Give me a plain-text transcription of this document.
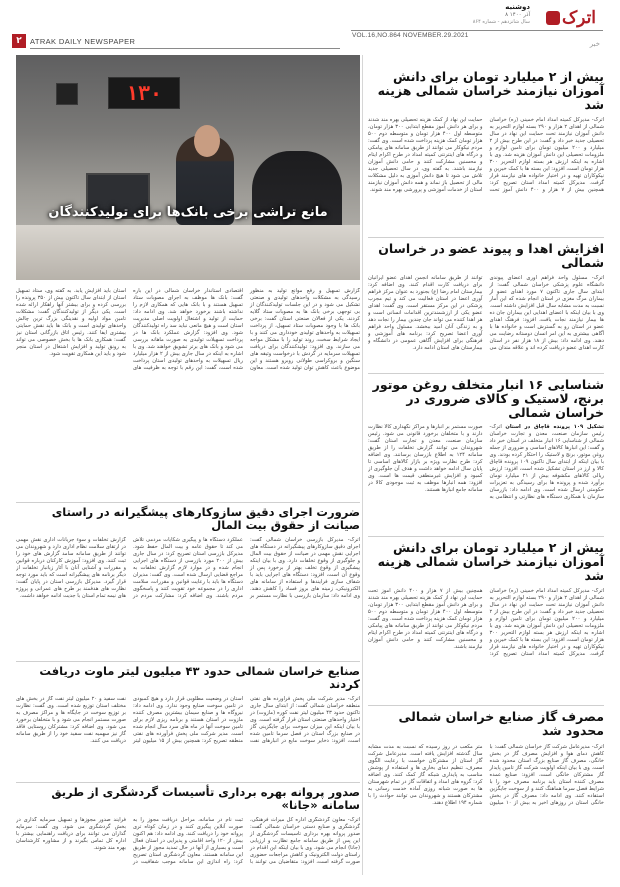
اترک
دوشنبه
۸ آذر ۱۴۰۰
سال شانزدهم - شماره ۸۶۴
VOL.16,NO.864 NOVEMBER.29.2021
خبر
۲	ATRAK DAILY NEWSPAPER
بیش از ۲ میلیارد تومان برای دانش آموزان نیازمند خراسان شمالی هزینه شد
اترک- مدیرکل کمیته امداد امام خمینی (ره) خراسان شمالی از اهدای ۲ هزار و ۲۹۰ بسته لوازم التحریر به دانش آموزان نیازمند تحت حمایت این نهاد در سال تحصیلی جدید خبر داد و گفت: در این طرح بیش از ۲ میلیارد و ۲۰۰ میلیون تومان برای تامین لوازم و ملزومات تحصیلی این دانش آموزان هزینه شد. وی با اشاره به اینکه ارزش هر بسته لوازم التحریر ۳۰۰ هزار تومان است، افزود: این بسته ها با کمک خیرین و نیکوکاران تهیه و در اختیار خانواده های نیازمند قرار گرفت. مدیرکل کمیته امداد استان تصریح کرد: همچنین بیش از ۷ هزار و ۴۰۰ دانش آموز تحت حمایت این نهاد از کمک هزینه تحصیلی بهره مند شدند و برای هر دانش آموز مقطع ابتدایی ۳۰۰ هزار تومان، متوسطه اول ۴۰۰ هزار تومان و متوسطه دوم ۵۰۰ هزار تومان کمک هزینه پرداخت شده است. وی گفت: مردم نیکوکار می توانند از طریق سامانه های پیامکی و درگاه های اینترنتی کمیته امداد در طرح اکرام ایتام و محسنین مشارکت کنند و حامی دانش آموزان نیازمند باشند. به گفته وی، در سال تحصیلی جدید تلاش می شود تا هیچ دانش آموزی به دلیل مشکلات مالی از تحصیل باز نماند و همه دانش آموزان نیازمند استان از خدمات آموزشی و پرورشی بهره مند شوند.
افزایش اهدا و پیوند عضو در خراسان شمالی
اترک- مسئول واحد فراهم آوری اعضای پیوندی دانشگاه علوم پزشکی خراسان شمالی گفت: از ابتدای سال جاری تاکنون ۷ مورد اهدای عضو از بیماران مرگ مغزی در استان انجام شده که این آمار نسبت به مدت مشابه سال قبل افزایش داشته است. وی با بیان اینکه با اعضای اهدایی این بیماران جان ده ها بیمار نیازمند نجات یافت، افزود: فرهنگ اهدای عضو در استان رو به گسترش است و خانواده ها با آگاهی بیشتری به این امر انسان دوستانه رضایت می دهند. وی ادامه داد: بیش از ۱۸ هزار نفر در استان کارت اهدای عضو دریافت کرده اند و علاقه مندان می توانند از طریق سامانه انجمن اهدای عضو ایرانیان برای دریافت کارت اقدام کنند. وی اضافه کرد: بیمارستان امام رضا (ع) بجنورد به عنوان مرکز فراهم آوری اعضا در استان فعالیت می کند و تیم مجرب پزشکی در این مرکز مستقر است. وی گفت: اهدای عضو یکی از ارزشمندترین اقدامات انسانی است و هر اهدا کننده می تواند جان چندین بیمار را نجات دهد و به زندگی آنان امید ببخشد. مسئول واحد فراهم آوری اعضا تصریح کرد: برنامه های آموزشی و فرهنگی برای افزایش آگاهی عمومی در دانشگاه و بیمارستان های استان ادامه دارد.
شناسایی ۱۶ انبار متخلف روغن موتور برنج، لاستیک و کالای ضروری در خراسان شمالی
تشکیل ۱۰۹ پرونده قاچاق در استان اترک- رئیس سازمان صنعت، معدن و تجارت خراسان شمالی از شناسایی ۱۶ انبار متخلف در استان خبر داد و گفت: این انبارها کالاهای اساسی و ضروری از جمله روغن موتور، برنج و لاستیک را احتکار کرده بودند. وی با بیان اینکه از ابتدای سال تاکنون ۱۰۹ پرونده قاچاق کالا و ارز در استان تشکیل شده است، افزود: ارزش ریالی کالاهای مکشوفه بیش از ۲۱ میلیارد تومان برآورد شده و پرونده ها برای رسیدگی به تعزیرات حکومتی ارسال شده است. وی ادامه داد: بازرسان سازمان با همکاری دستگاه های نظارتی و انتظامی به صورت مستمر بر انبارها و مراکز نگهداری کالا نظارت دارند و با متخلفان برخورد قانونی می شود. رئیس سازمان صنعت، معدن و تجارت استان گفت: شهروندان می توانند گزارش تخلفات را از طریق سامانه ۱۲۴ به اطلاع بازرسان برسانند. وی اضافه کرد: طرح نظارت ویژه بر بازار کالاهای اساسی تا پایان سال ادامه خواهد داشت و هدف آن جلوگیری از کمبود و افزایش غیرمنطقی قیمت ها است. وی افزود: همه انبارها موظف به ثبت موجودی کالا در سامانه جامع انبارها هستند.
بیش از ۲ میلیارد تومان برای دانش آموزان نیازمند خراسان شمالی هزینه شد
اترک- مدیرکل کمیته امداد امام خمینی (ره) خراسان شمالی از اهدای ۲ هزار و ۲۹۰ بسته لوازم التحریر به دانش آموزان نیازمند تحت حمایت این نهاد در سال تحصیلی جدید خبر داد و گفت: در این طرح بیش از ۲ میلیارد و ۲۰۰ میلیون تومان برای تامین لوازم و ملزومات تحصیلی این دانش آموزان هزینه شد. وی با اشاره به اینکه ارزش هر بسته لوازم التحریر ۳۰۰ هزار تومان است، افزود: این بسته ها با کمک خیرین و نیکوکاران تهیه و در اختیار خانواده های نیازمند قرار گرفت. مدیرکل کمیته امداد استان تصریح کرد: همچنین بیش از ۷ هزار و ۴۰۰ دانش آموز تحت حمایت این نهاد از کمک هزینه تحصیلی بهره مند شدند و برای هر دانش آموز مقطع ابتدایی ۳۰۰ هزار تومان، متوسطه اول ۴۰۰ هزار تومان و متوسطه دوم ۵۰۰ هزار تومان کمک هزینه پرداخت شده است. وی گفت: مردم نیکوکار می توانند از طریق سامانه های پیامکی و درگاه های اینترنتی کمیته امداد در طرح اکرام ایتام و محسنین مشارکت کنند و حامی دانش آموزان نیازمند باشند.
مصرف گاز صنایع خراسان شمالی محدود شد
اترک- مدیرعامل شرکت گاز خراسان شمالی گفت: با کاهش دمای هوا و افزایش مصرف گاز در بخش خانگی، مصرف گاز صنایع بزرگ استان محدود شده است. وی با بیان اینکه اولویت شرکت گاز تامین پایدار گاز مشترکان خانگی است، افزود: صنایع عمده مصرف کننده استان باید برنامه مصرف خود را با شرایط فصل سرما هماهنگ کنند و از سوخت جایگزین استفاده کنند. وی ادامه داد: مصرف گاز در بخش خانگی استان در روزهای اخیر به بیش از ۱۰ میلیون متر مکعب در روز رسیده که نسبت به مدت مشابه سال گذشته افزایش یافته است. مدیرعامل شرکت گاز استان از مشترکان خواست با رعایت الگوی مصرف، تنظیم دمای بخاری ها و استفاده از پوشش مناسب به پایداری شبکه گاز کمک کنند. وی اضافه کرد: گروه های امداد و اتفاقات گاز در تمام شهرستان ها به صورت شبانه روزی آماده خدمت رسانی به مشترکان هستند و شهروندان می توانند حوادث را با شماره ۱۹۴ اطلاع دهند.
۱۳۰
مانع تراشی برخی بانک‌ها برای تولیدکنندگان
گزارش تسهیل و رفع موانع تولید به منظور رسیدگی به مشکلات واحدهای تولیدی و صنعتی تشکیل می شود و در این جلسات تولیدکنندگان از بی توجهی برخی بانک ها به مصوبات ستاد گلایه کردند. یکی از فعالان صنعتی استان گفت: برخی بانک ها با وجود مصوبات ستاد تسهیل، از پرداخت تسهیلات به واحدهای تولیدی خودداری می کنند و با ایجاد شرایط سخت، روند تولید را با مشکل مواجه می سازند. وی افزود: تولیدکنندگان برای دریافت تسهیلات سرمایه در گردش با درخواست وثیقه های سنگین و بروکراسی طولانی روبرو هستند و این موضوع باعث کاهش توان تولید شده است. معاون اقتصادی استاندار خراسان شمالی در این باره گفت: بانک ها موظف به اجرای مصوبات ستاد تسهیل هستند و با بانک هایی که همکاری لازم را نداشته باشند برخورد خواهد شد. وی ادامه داد: حمایت از تولید و اشتغال اولویت اصلی مدیریت استان است و هیچ مانعی نباید سد راه تولیدکنندگان شود. وی افزود: گزارش عملکرد بانک ها در پرداخت تسهیلات تولیدی به صورت ماهانه بررسی می شود و بانک های برتر تشویق خواهند شد. وی با اشاره به اینکه در سال جاری بیش از ۲ هزار میلیارد ریال تسهیلات به واحدهای تولیدی استان پرداخت شده است، گفت: این رقم با توجه به ظرفیت های استان باید افزایش یابد. به گفته وی، ستاد تسهیل استان از ابتدای سال تاکنون بیش از ۳۵۰ پرونده را بررسی کرده و برای بیشتر آنها راهکار ارائه شده است. یکی دیگر از تولیدکنندگان گفت: مشکلات تامین مواد اولیه و نقدینگی بزرگ ترین چالش واحدهای تولیدی است و بانک ها باید نقش حمایتی بیشتری ایفا کنند. رئیس اتاق بازرگانی استان نیز گفت: همکاری بانک ها با بخش خصوصی می تواند به رونق تولید و افزایش اشتغال در استان منجر شود و باید این همکاری تقویت شود.
ضرورت اجرای دقیق سازوکارهای پیشگیرانه در راستای صیانت از حقوق بیت المال
اترک- مدیرکل بازرسی خراسان شمالی گفت: اجرای دقیق سازوکارهای پیشگیرانه در دستگاه های اجرایی نقش مهمی در صیانت از حقوق بیت المال و جلوگیری از وقوع تخلفات دارد. وی با بیان اینکه پیشگیری از وقوع تخلف بهتر از برخورد پس از وقوع آن است، افزود: دستگاه های اجرایی باید با شفاف سازی فرایندها و استفاده از سامانه های الکترونیکی، زمینه های بروز فساد را کاهش دهند. وی ادامه داد: سازمان بازرسی با نظارت مستمر بر عملکرد دستگاه ها و پیگیری شکایات مردمی تلاش می کند تا حقوق عامه و بیت المال حفظ شود. مدیرکل بازرسی استان تصریح کرد: در سال جاری بیش از ۲۰۰ مورد بازرسی از دستگاه های اجرایی انجام شده و در موارد لازم گزارش تخلفات به مراجع قضایی ارسال شده است. وی گفت: مدیران دستگاه ها باید با رعایت قوانین و مقررات، سلامت اداری را در مجموعه خود تقویت کنند و پاسخگوی مردم باشند. وی اضافه کرد: مشارکت مردم در گزارش تخلفات و سوء جریانات اداری نقش مهمی در ارتقای سلامت نظام اداری دارد و شهروندان می توانند از طریق سامانه سامد گزارش های خود را ثبت کنند. وی افزود: آموزش کارکنان درباره قوانین و مقررات و آشنایی آنان با آثار زیانبار تخلفات از دیگر برنامه های پیشگیرانه است که باید مورد توجه قرار گیرد. مدیرکل بازرسی استان در پایان گفت: نظارت های هدفمند بر طرح های عمرانی و پروژه های نیمه تمام استان با جدیت ادامه خواهد داشت.
صنایع خراسان شمالی حدود ۴۳ میلیون لیتر ماوت دریافت کردند
اترک- مدیر شرکت ملی پخش فرآورده های نفتی منطقه خراسان شمالی گفت: از ابتدای سال جاری تاکنون حدود ۴۳ میلیون لیتر نفت کوره (مازوت) در اختیار واحدهای صنعتی استان قرار گرفته است. وی با بیان اینکه این میزان سوخت برای جایگزینی گاز در صنایع بزرگ استان در فصل سرما تامین شده است، افزود: ذخایر سوخت مایع در انبارهای نفت استان در وضعیت مطلوبی قرار دارد و هیچ کمبودی در تامین سوخت صنایع وجود ندارد. وی ادامه داد: نیروگاه ها و صنایع سیمان بیشترین مصرف کننده مازوت در استان هستند و برنامه ریزی لازم برای تامین سوخت آنها در ماه های سرد سال انجام شده است. مدیر شرکت ملی پخش فرآورده های نفتی منطقه تصریح کرد: همچنین بیش از ۱۵ میلیون لیتر نفت سفید و ۲۰ میلیون لیتر نفت گاز در بخش های مختلف استان توزیع شده است. وی گفت: نظارت بر توزیع سوخت در جایگاه ها و مراکز مصرف به صورت مستمر انجام می شود و با متخلفان برخورد می شود. وی اضافه کرد: مشترکان روستایی فاقد گاز نیز سهمیه نفت سفید خود را از طریق سامانه دریافت می کنند.
صدور پروانه بهره برداری تأسیسات گردشگری از طریق سامانه «جانا»
اترک- معاون گردشگری اداره کل میراث فرهنگی، گردشگری و صنایع دستی خراسان شمالی گفت: صدور پروانه بهره برداری تاسیسات گردشگری از این پس از طریق سامانه جامع نظارت و ارزیابی (جانا) انجام می شود. وی با بیان اینکه این اقدام در راستای دولت الکترونیک و کاهش مراجعات حضوری صورت گرفته است، افزود: متقاضیان می توانند با ثبت نام در سامانه، مراحل دریافت مجوز را به صورت آنلاین پیگیری کنند و در زمان کوتاه تری پروانه خود را دریافت کنند. وی ادامه داد: هم اکنون بیش از ۱۲۰ واحد اقامتی و پذیرایی در استان فعال است و بسیاری از آنها در حال تمدید مجوز از طریق این سامانه هستند. معاون گردشگری استان تصریح کرد: راه اندازی این سامانه موجب شفافیت در فرایند صدور مجوزها و تسهیل سرمایه گذاری در بخش گردشگری می شود. وی گفت: سرمایه گذاران می توانند برای دریافت راهنمایی بیشتر با اداره کل تماس بگیرند و از مشاوره کارشناسان بهره مند شوند.
